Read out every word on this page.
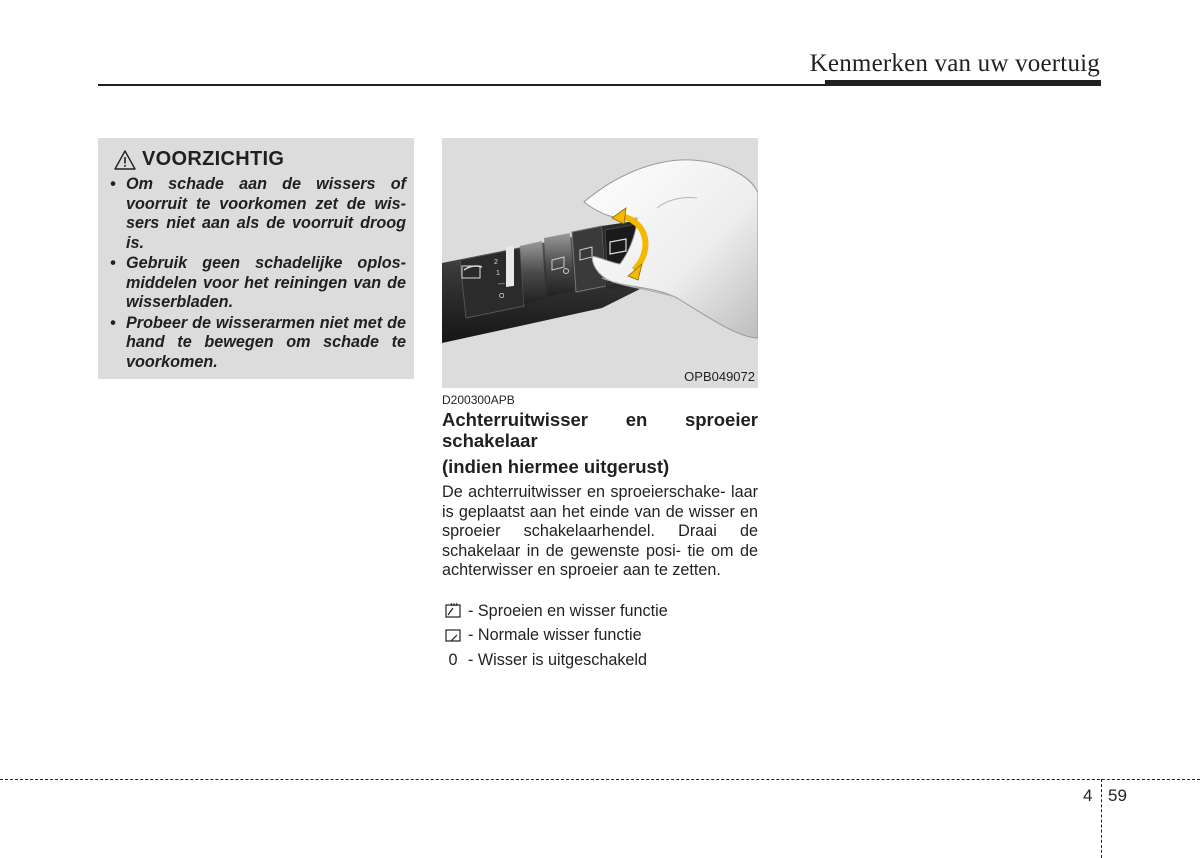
Kenmerken van uw voertuig
VOORZICHTIG
• Om schade aan de wissers of voorruit te voorkomen zet de wis- sers niet aan als de voorruit droog is.
• Gebruik geen schadelijke oplos- middelen voor het reiningen van de wisserbladen.
• Probeer de wisserarmen niet met de hand te bewegen om schade te voorkomen.
2
1
---
O
OPB049072
D200300APB
Achterruitwisser en sproeier
schakelaar
(indien hiermee uitgerust)
De achterruitwisser en sproeierschake- laar is geplaatst aan het einde van de wisser en sproeier schakelaarhendel. Draai de schakelaar in de gewenste posi- tie om de achterwisser en sproeier aan te zetten.
- Sproeien en wisser functie
- Normale wisser functie
0 - Wisser is uitgeschakeld
4 59
